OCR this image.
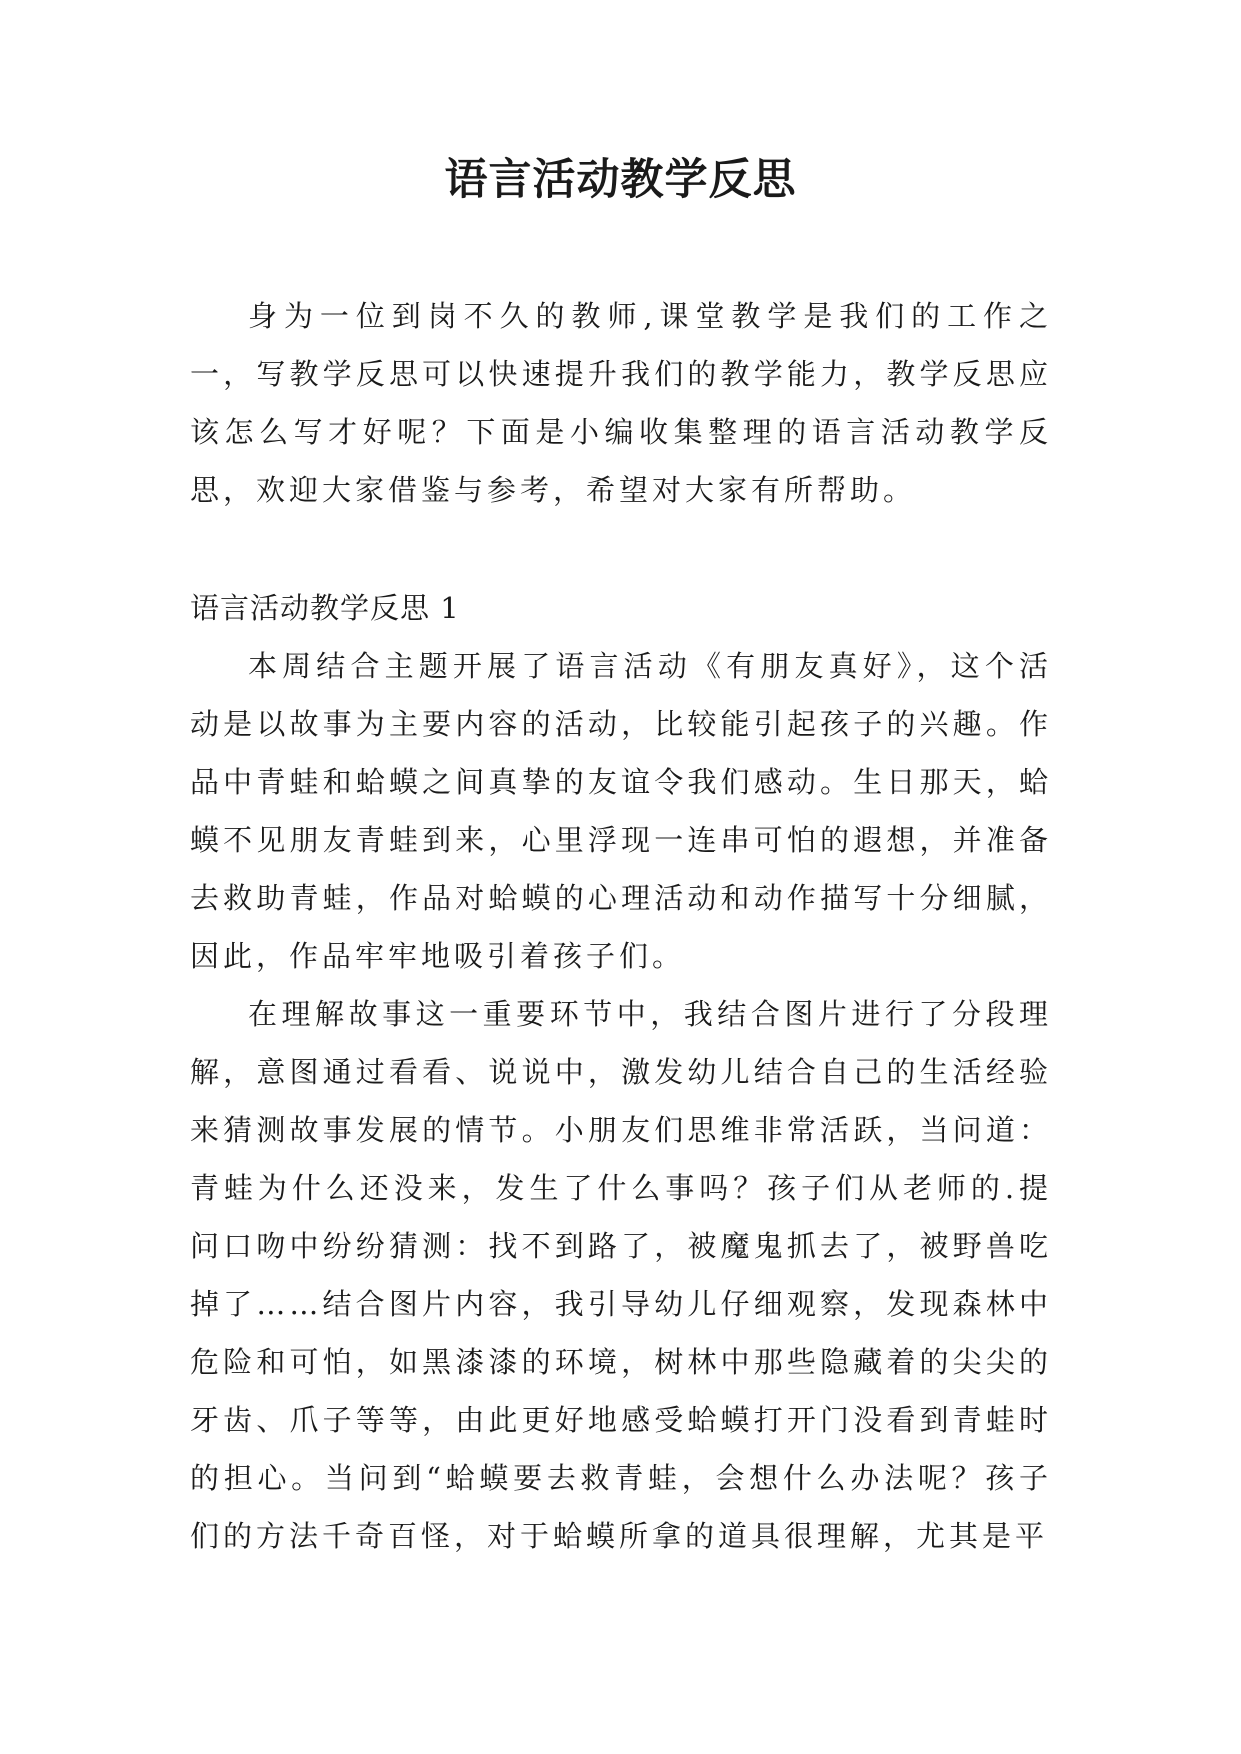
语言活动教学反思

身为一位到岗不久的教师,课堂教学是我们的工作之一，写教学反思可以快速提升我们的教学能力，教学反思应该怎么写才好呢？下面是小编收集整理的语言活动教学反思，欢迎大家借鉴与参考，希望对大家有所帮助。

语言活动教学反思 1

本周结合主题开展了语言活动《有朋友真好》，这个活动是以故事为主要内容的活动，比较能引起孩子的兴趣。作品中青蛙和蛤蟆之间真挚的友谊令我们感动。生日那天，蛤蟆不见朋友青蛙到来，心里浮现一连串可怕的遐想，并准备去救助青蛙，作品对蛤蟆的心理活动和动作描写十分细腻，因此，作品牢牢地吸引着孩子们。

在理解故事这一重要环节中，我结合图片进行了分段理解，意图通过看看、说说中，激发幼儿结合自己的生活经验来猜测故事发展的情节。小朋友们思维非常活跃，当问道：青蛙为什么还没来，发生了什么事吗？孩子们从老师的.提问口吻中纷纷猜测：找不到路了，被魔鬼抓去了，被野兽吃掉了……结合图片内容，我引导幼儿仔细观察，发现森林中危险和可怕，如黑漆漆的环境，树林中那些隐藏着的尖尖的牙齿、爪子等等，由此更好地感受蛤蟆打开门没看到青蛙时的担心。当问到“蛤蟆要去救青蛙，会想什么办法呢？孩子们的方法千奇百怪，对于蛤蟆所拿的道具很理解，尤其是平
